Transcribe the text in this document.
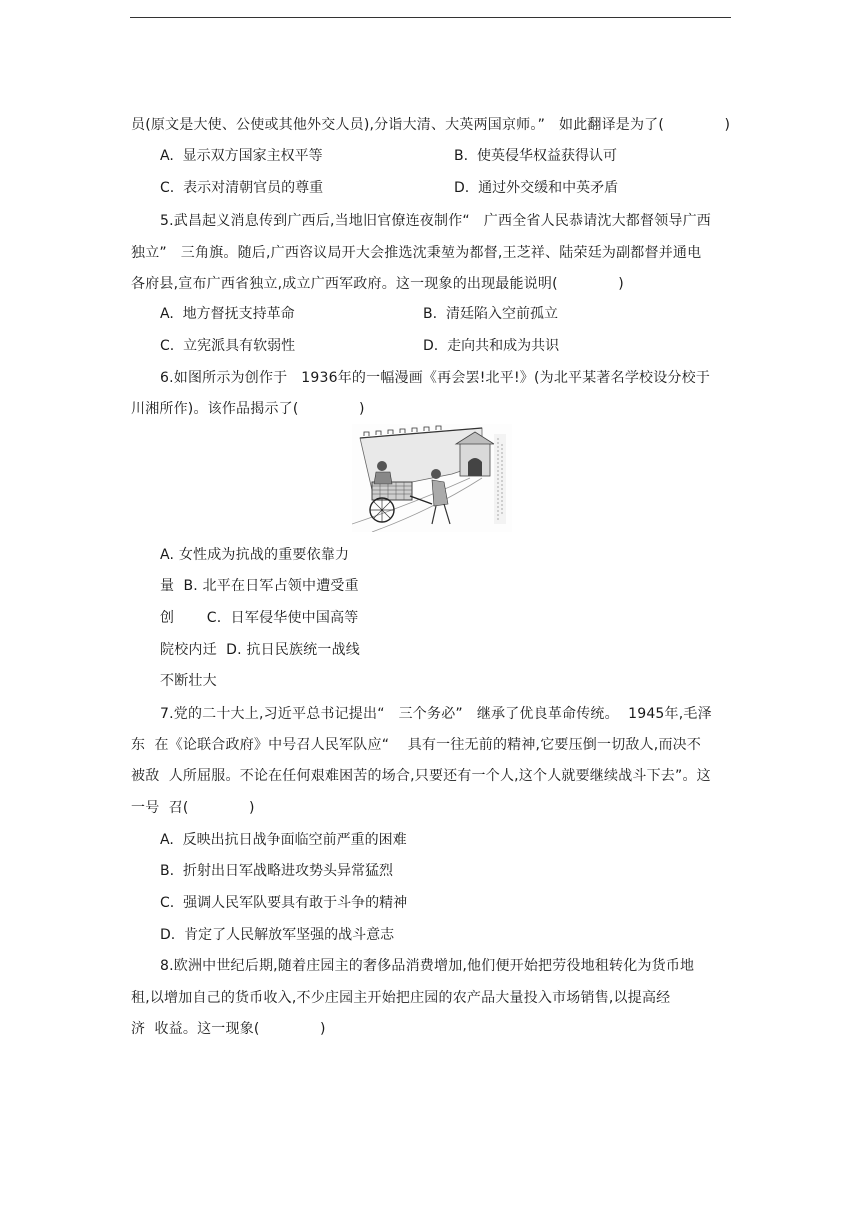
员(原文是大使、公使或其他外交人员),分诣大清、大英两国京师。”   如此翻译是为了(             )
A.  显示双方国家主权平等	B.  使英侵华权益获得认可
C.  表示对清朝官员的尊重	D.  通过外交缓和中英矛盾
5.武昌起义消息传到广西后,当地旧官僚连夜制作“   广西全省人民恭请沈大都督领导广西
独立”   三角旗。随后,广西咨议局开大会推选沈秉堃为都督,王芝祥、陆荣廷为副都督并通电
各府县,宣布广西省独立,成立广西军政府。这一现象的出现最能说明(             )
A.  地方督抚支持革命	B.  清廷陷入空前孤立
C.  立宪派具有软弱性	D.  走向共和成为共识
6.如图所示为创作于   1936年的一幅漫画《再会罢!北平!》(为北平某著名学校设分校于
川湘所作)。该作品揭示了(             )
A. 女性成为抗战的重要依靠力
量  B. 北平在日军占领中遭受重
创       C.  日军侵华使中国高等
院校内迁  D. 抗日民族统一战线
不断壮大
7.党的二十大上,习近平总书记提出“   三个务必”   继承了优良革命传统。  1945年,毛泽
东  在《论联合政府》中号召人民军队应“    具有一往无前的精神,它要压倒一切敌人,而决不
被敌  人所屈服。不论在任何艰难困苦的场合,只要还有一个人,这个人就要继续战斗下去”。这
一号  召(             )
A.  反映出抗日战争面临空前严重的困难
B.  折射出日军战略进攻势头异常猛烈
C.  强调人民军队要具有敢于斗争的精神
D.  肯定了人民解放军坚强的战斗意志
8.欧洲中世纪后期,随着庄园主的奢侈品消费增加,他们便开始把劳役地租转化为货币地
租,以增加自己的货币收入,不少庄园主开始把庄园的农产品大量投入市场销售,以提高经
济  收益。这一现象(             )
